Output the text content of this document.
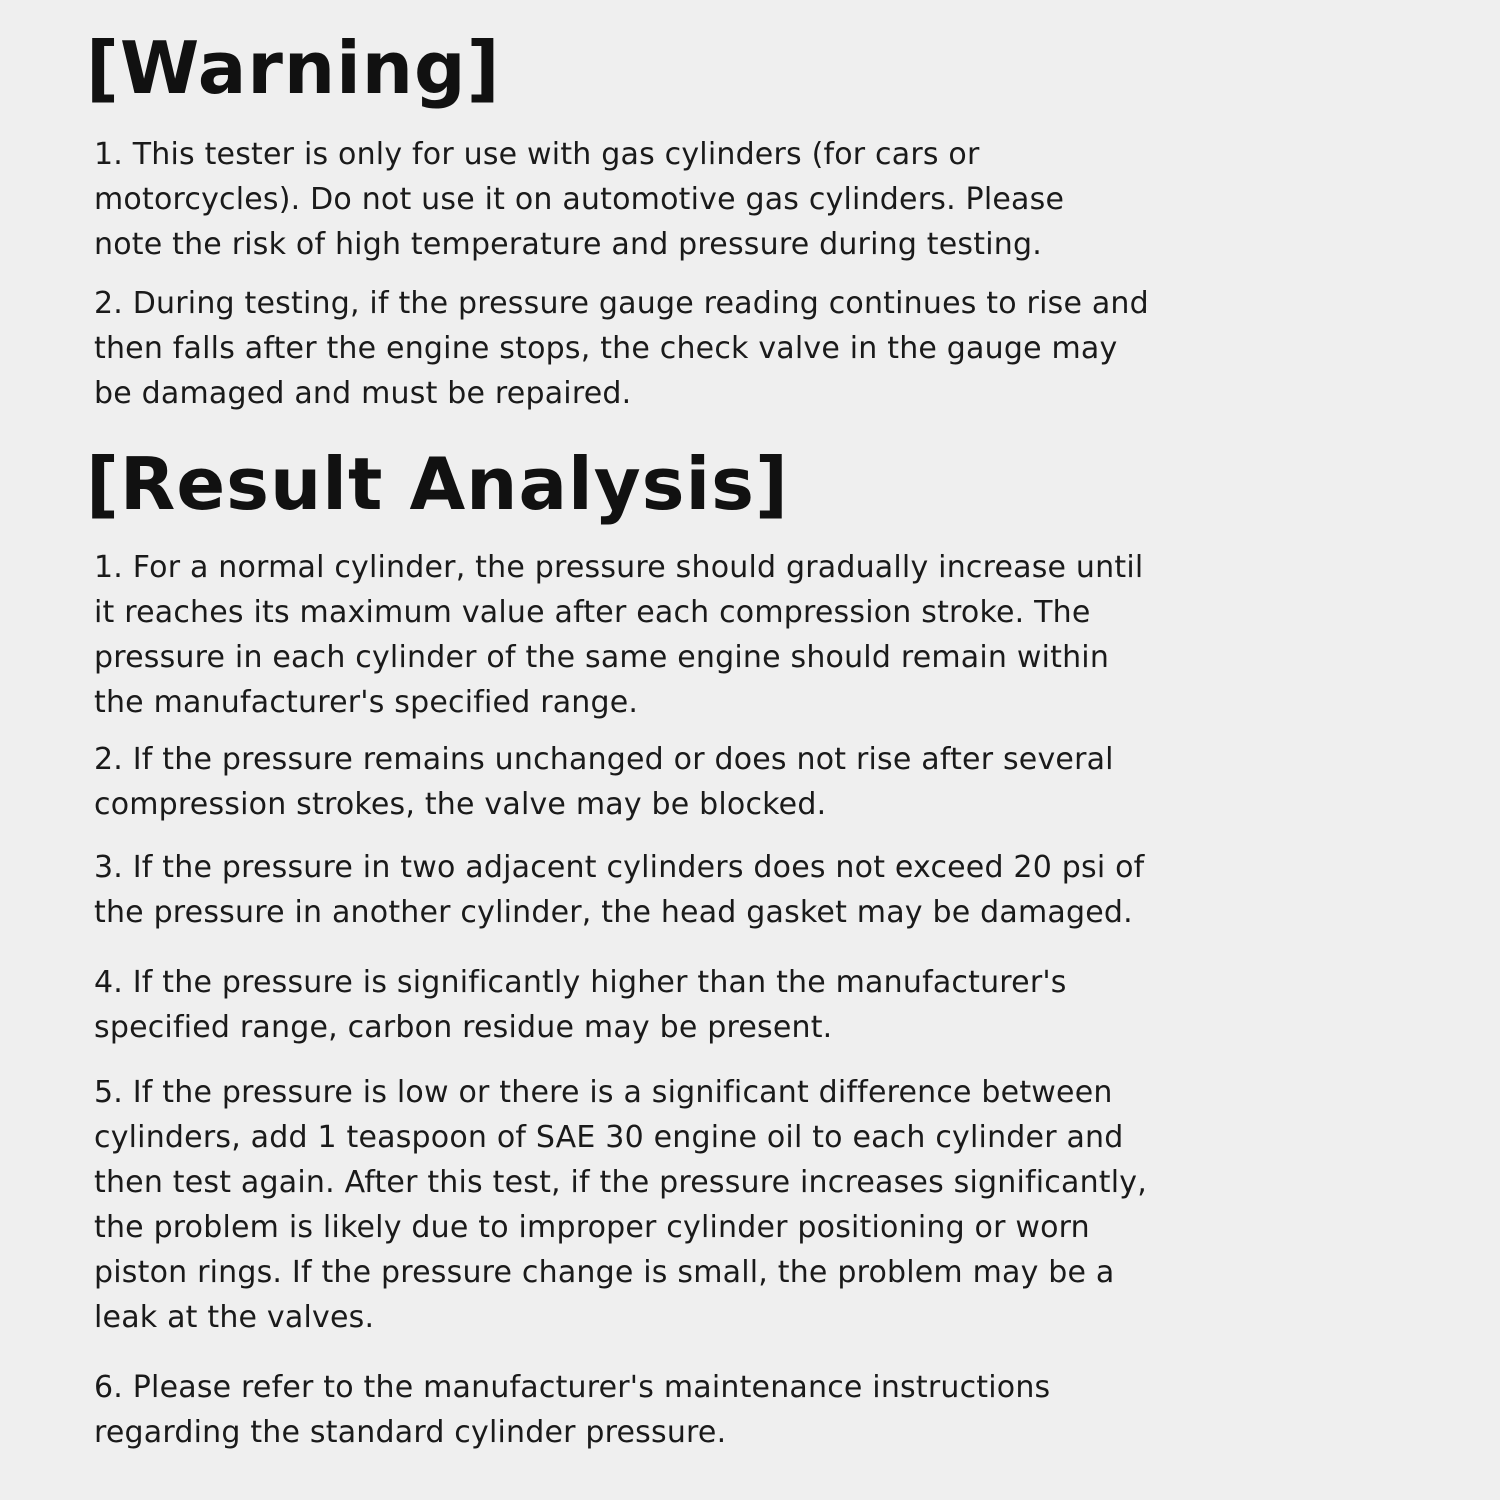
[Warning]

1. This tester is only for use with gas cylinders (for cars or
motorcycles). Do not use it on automotive gas cylinders. Please
note the risk of high temperature and pressure during testing.

2. During testing, if the pressure gauge reading continues to rise and
then falls after the engine stops, the check valve in the gauge may
be damaged and must be repaired.

[Result Analysis]

1. For a normal cylinder, the pressure should gradually increase until
it reaches its maximum value after each compression stroke. The
pressure in each cylinder of the same engine should remain within
the manufacturer's specified range.

2. If the pressure remains unchanged or does not rise after several
compression strokes, the valve may be blocked.

3. If the pressure in two adjacent cylinders does not exceed 20 psi of
the pressure in another cylinder, the head gasket may be damaged.

4. If the pressure is significantly higher than the manufacturer's
specified range, carbon residue may be present.

5. If the pressure is low or there is a significant difference between
cylinders, add 1 teaspoon of SAE 30 engine oil to each cylinder and
then test again. After this test, if the pressure increases significantly,
the problem is likely due to improper cylinder positioning or worn
piston rings. If the pressure change is small, the problem may be a
leak at the valves.

6. Please refer to the manufacturer's maintenance instructions
regarding the standard cylinder pressure.
